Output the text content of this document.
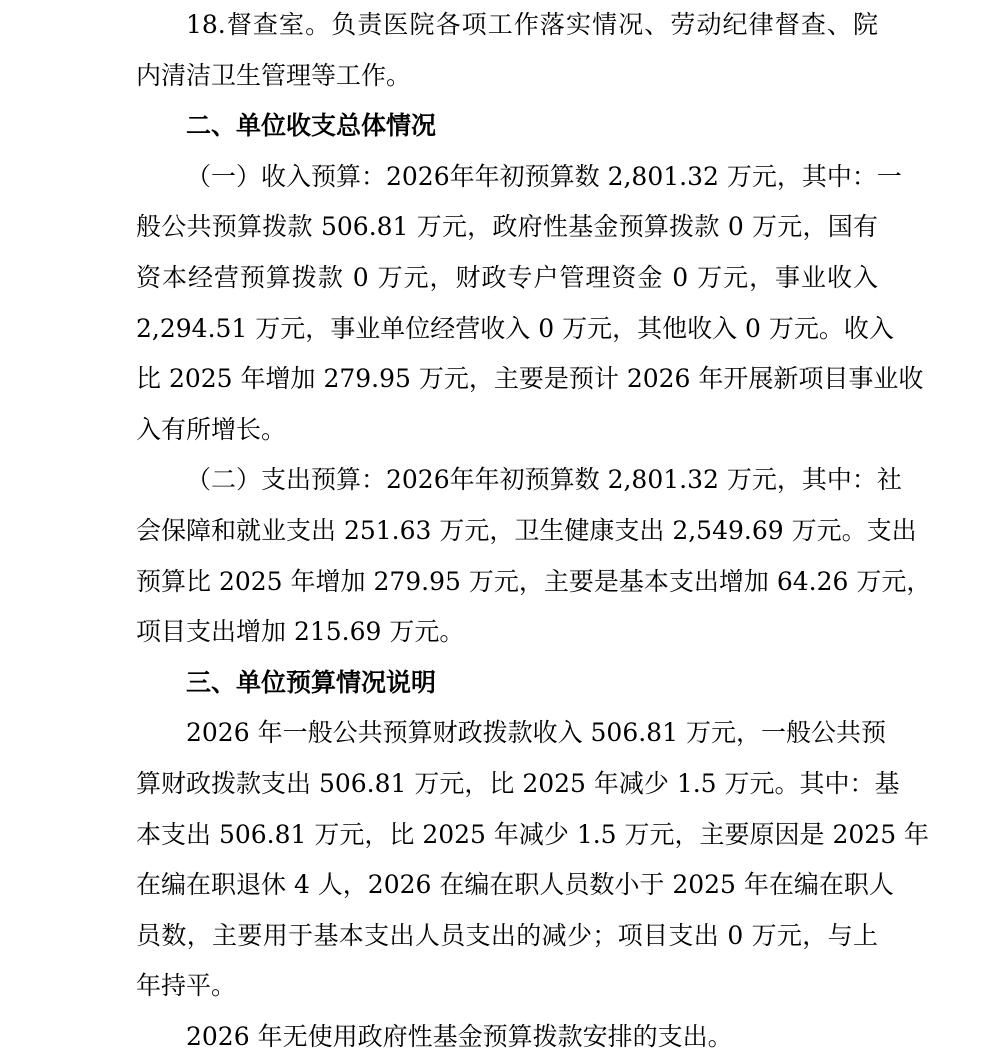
18.督查室。负责医院各项工作落实情况、劳动纪律督查、院
内清洁卫生管理等工作。
二、单位收支总体情况
（一）收入预算：2026年年初预算数 2,801.32 万元，其中：一
般公共预算拨款 506.81 万元，政府性基金预算拨款 0 万元，国有
资本经营预算拨款 0 万元，财政专户管理资金 0 万元，事业收入
2,294.51 万元，事业单位经营收入 0 万元，其他收入 0 万元。收入
比 2025 年增加 279.95 万元，主要是预计 2026 年开展新项目事业收
入有所增长。
（二）支出预算：2026年年初预算数 2,801.32 万元，其中：社
会保障和就业支出 251.63 万元，卫生健康支出 2,549.69 万元。支出
预算比 2025 年增加 279.95 万元，主要是基本支出增加 64.26 万元，
项目支出增加 215.69 万元。
三、单位预算情况说明
2026 年一般公共预算财政拨款收入 506.81 万元，一般公共预
算财政拨款支出 506.81 万元，比 2025 年减少 1.5 万元。其中：基
本支出 506.81 万元，比 2025 年减少 1.5 万元，主要原因是 2025 年
在编在职退休 4 人，2026 在编在职人员数小于 2025 年在编在职人
员数，主要用于基本支出人员支出的减少；项目支出 0 万元，与上
年持平。
2026 年无使用政府性基金预算拨款安排的支出。
